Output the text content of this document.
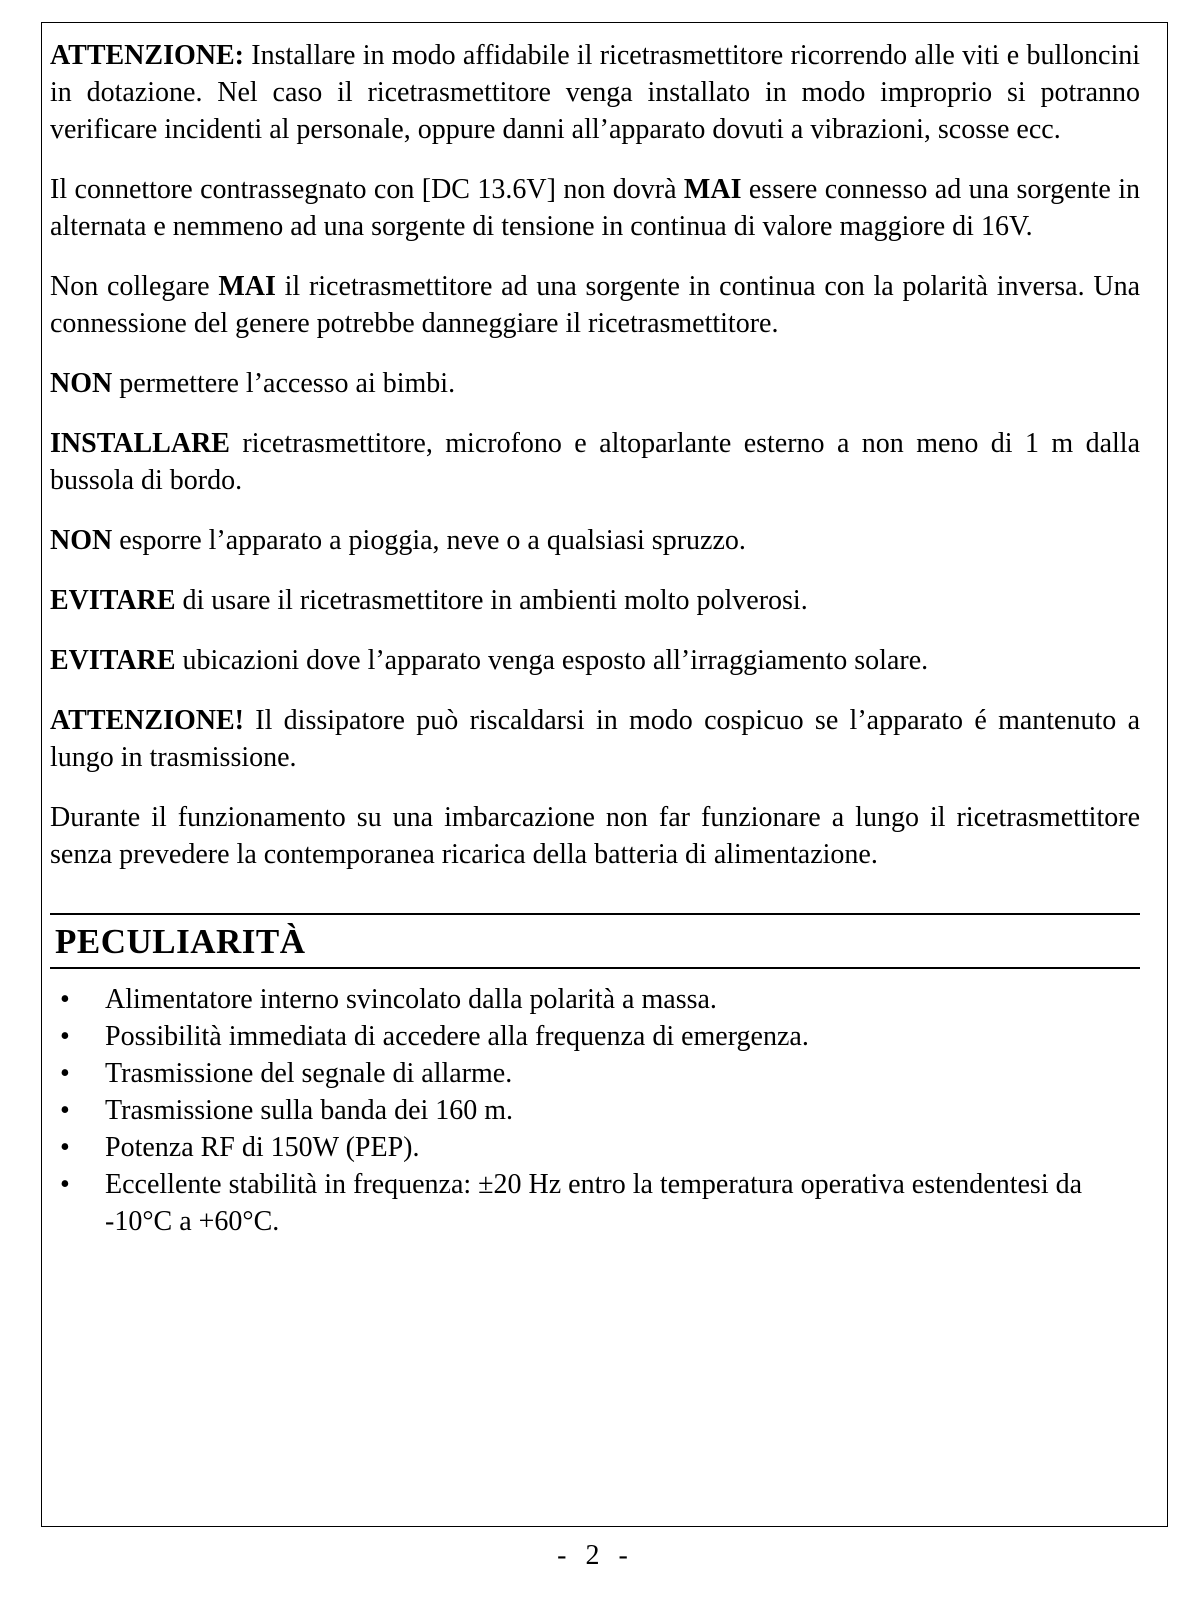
ATTENZIONE: Installare in modo affidabile il ricetrasmettitore ricorrendo alle viti e bulloncini in dotazione. Nel caso il ricetrasmettitore venga installato in modo improprio si potranno verificare incidenti al personale, oppure danni all’apparato dovuti a vibrazioni, scosse ecc.

Il connettore contrassegnato con [DC 13.6V] non dovrà MAI essere connesso ad una sorgente in alternata e nemmeno ad una sorgente di tensione in continua di valore maggiore di 16V.

Non collegare MAI il ricetrasmettitore ad una sorgente in continua con la polarità inversa. Una connessione del genere potrebbe danneggiare il ricetrasmettitore.

NON permettere l’accesso ai bimbi.

INSTALLARE ricetrasmettitore, microfono e altoparlante esterno a non meno di 1 m dalla bussola di bordo.

NON esporre l’apparato a pioggia, neve o a qualsiasi spruzzo.

EVITARE di usare il ricetrasmettitore in ambienti molto polverosi.

EVITARE ubicazioni dove l’apparato venga esposto all’irraggiamento solare.

ATTENZIONE! Il dissipatore può riscaldarsi in modo cospicuo se l’apparato é mantenuto a lungo in trasmissione.

Durante il funzionamento su una imbarcazione non far funzionare a lungo il ricetrasmettitore senza prevedere la contemporanea ricarica della batteria di alimentazione.

PECULIARITÀ
• Alimentatore interno svincolato dalla polarità a massa.
• Possibilità immediata di accedere alla frequenza di emergenza.
• Trasmissione del segnale di allarme.
• Trasmissione sulla banda dei 160 m.
• Potenza RF di 150W (PEP).
• Eccellente stabilità in frequenza: ±20 Hz entro la temperatura operativa estendentesi da -10°C a +60°C.
- 2 -
